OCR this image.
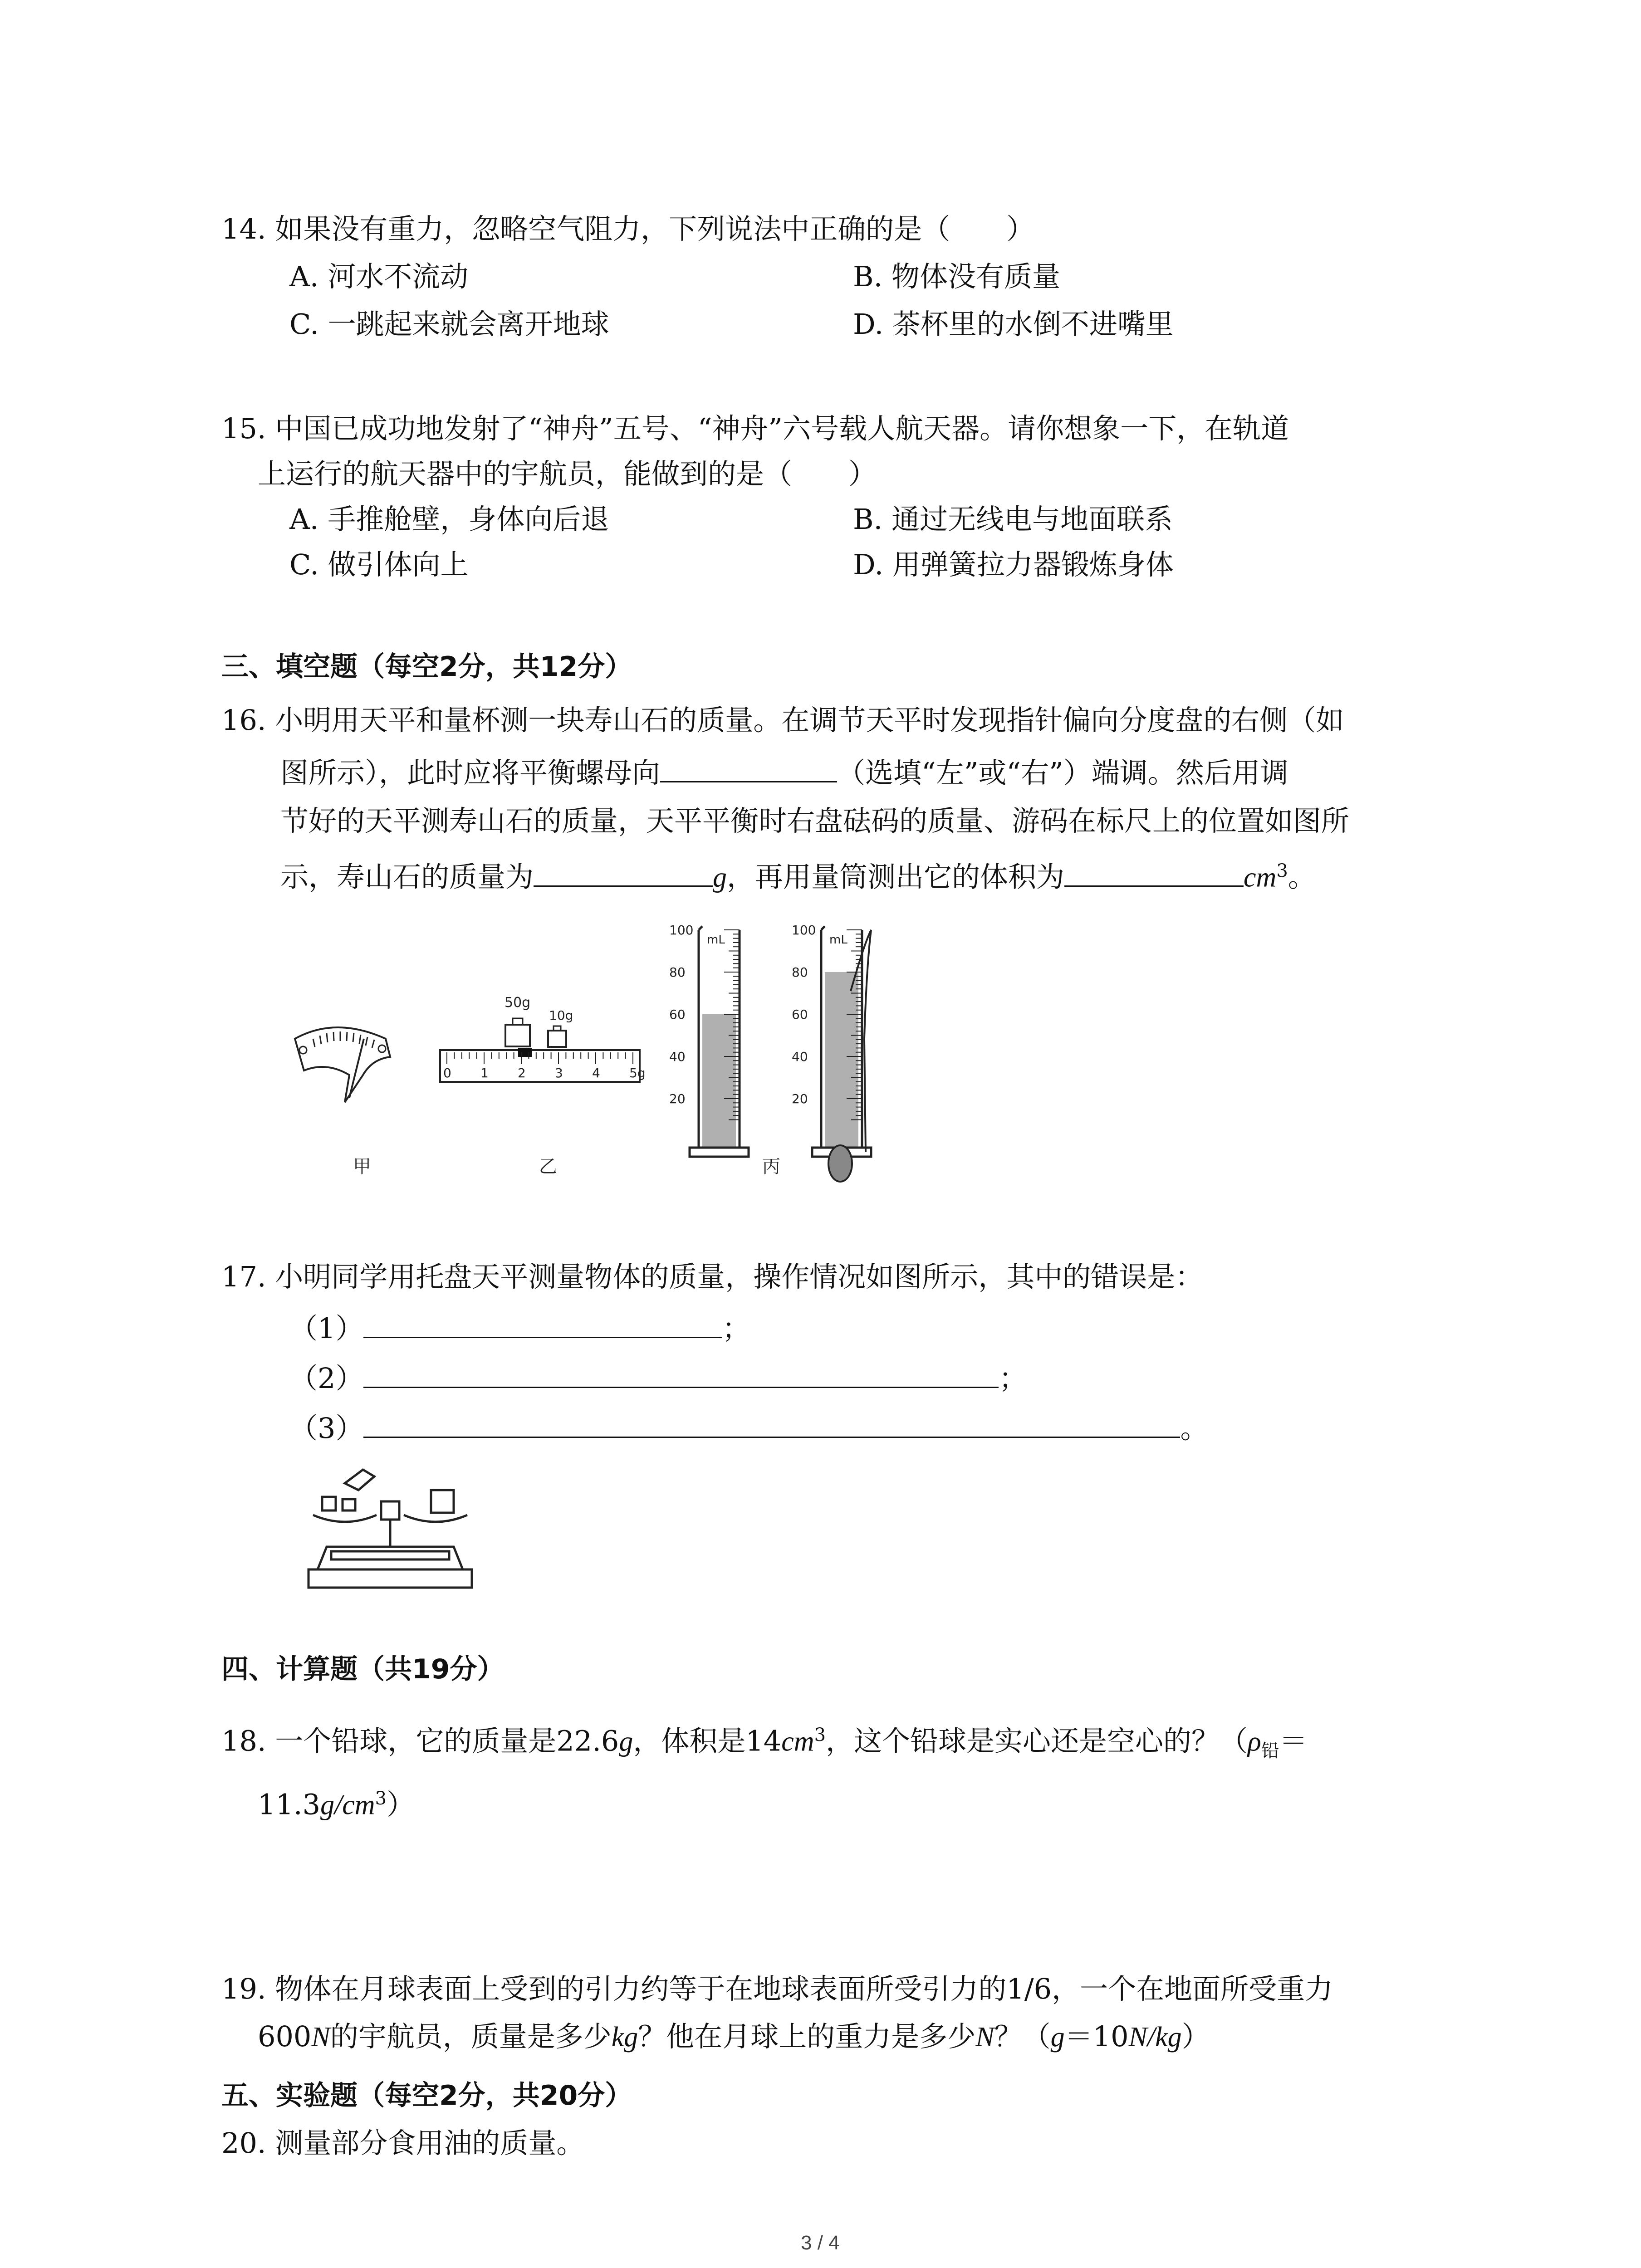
14. 如果没有重力，忽略空气阻力，下列说法中正确的是（　　）
A. 河水不流动	B. 物体没有质量
C. 一跳起来就会离开地球	D. 茶杯里的水倒不进嘴里
15. 中国已成功地发射了“神舟”五号、“神舟”六号载人航天器。请你想象一下，在轨道
上运行的航天器中的宇航员，能做到的是（　　）
A. 手推舱壁，身体向后退	B. 通过无线电与地面联系
C. 做引体向上	D. 用弹簧拉力器锻炼身体
三、填空题（每空2分，共12分）
16. 小明用天平和量杯测一块寿山石的质量。在调节天平时发现指针偏向分度盘的右侧（如
图所示），此时应将平衡螺母向	（选填“左”或“右”）端调。然后用调
节好的天平测寿山石的质量，天平平衡时右盘砝码的质量、游码在标尺上的位置如图所
示，寿山石的质量为	g，再用量筒测出它的体积为	$cm^3$。
50g
10g
0 1 2 3 4 5g
mL
100
80
60
40
20
mL
100
80
60
40
20
甲	乙	丙
17. 小明同学用托盘天平测量物体的质量，操作情况如图所示，其中的错误是：
（1）	；
（2）	；
（3）	。
四、计算题（共19分）
18. 一个铅球，它的质量是22.6g，体积是$14cm^3$，这个铅球是实心还是空心的？（$\rho_铅=$
$11.3g/cm^3$）
19. 物体在月球表面上受到的引力约等于在地球表面所受引力的1/6，一个在地面所受重力
600N的宇航员，质量是多少kg？他在月球上的重力是多少N？（g＝10N/kg）
五、实验题（每空2分，共20分）
20. 测量部分食用油的质量。
3 / 4
